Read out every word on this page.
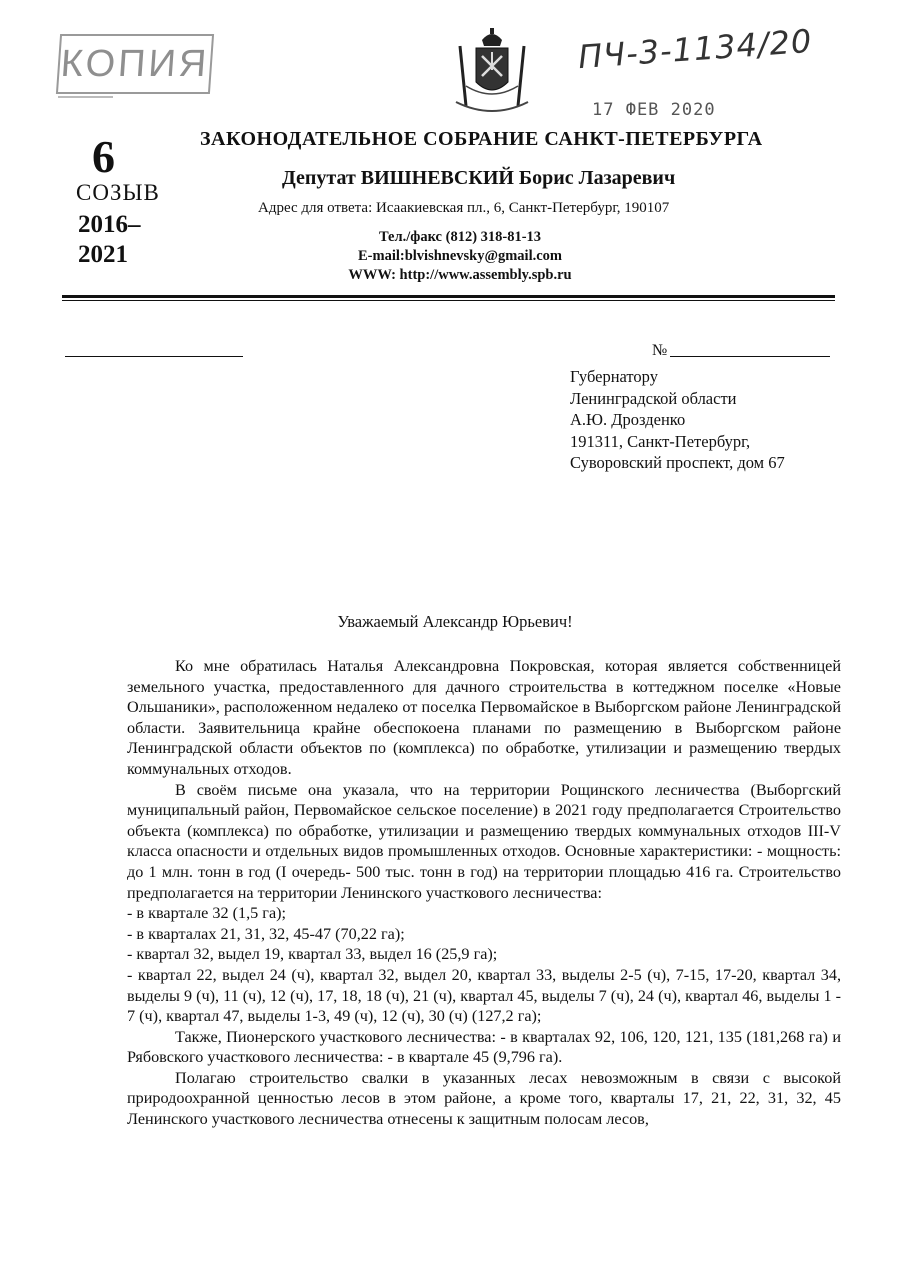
КОПИЯ	ПЧ-3-1134/20
17 ФЕВ 2020
6
СОЗЫВ
2016–
2021
ЗАКОНОДАТЕЛЬНОЕ СОБРАНИЕ САНКТ-ПЕТЕРБУРГА
Депутат ВИШНЕВСКИЙ Борис Лазаревич
Адрес для ответа: Исаакиевская пл., 6, Санкт-Петербург, 190107
Тел./факс (812) 318-81-13
E-mail:blvishnevsky@gmail.com
WWW: http://www.assembly.spb.ru
№
Губернатору
Ленинградской области
А.Ю. Дрозденко
191311, Санкт-Петербург,
Суворовский проспект, дом 67
Уважаемый Александр Юрьевич!

Ко мне обратилась Наталья Александровна Покровская, которая является собственницей земельного участка, предоставленного для дачного строительства в коттеджном поселке «Новые Ольшаники», расположенном недалеко от поселка Первомайское в Выборгском районе Ленинградской области. Заявительница крайне обеспокоена планами по размещению в Выборгском районе Ленинградской области объектов по (комплекса) по обработке, утилизации и размещению твердых коммунальных отходов.

В своём письме она указала, что на территории Рощинского лесничества (Выборгский муниципальный район, Первомайское сельское поселение) в 2021 году предполагается Строительство объекта (комплекса) по обработке, утилизации и размещению твердых коммунальных отходов III-V класса опасности и отдельных видов промышленных отходов. Основные характеристики: - мощность: до 1 млн. тонн в год (I очередь- 500 тыс. тонн в год) на территории площадью 416 га. Строительство предполагается на территории Ленинского участкового лесничества:

- в квартале 32 (1,5 га);

- в кварталах 21, 31, 32, 45-47 (70,22 га);

- квартал 32, выдел 19, квартал 33, выдел 16 (25,9 га);

- квартал 22, выдел 24 (ч), квартал 32, выдел 20, квартал 33, выделы 2-5 (ч), 7-15, 17-20, квартал 34, выделы 9 (ч), 11 (ч), 12 (ч), 17, 18, 18 (ч), 21 (ч), квартал 45, выделы 7 (ч), 24 (ч), квартал 46, выделы 1 - 7 (ч), квартал 47, выделы 1-3, 49 (ч), 12 (ч), 30 (ч) (127,2 га);

Также, Пионерского участкового лесничества: - в кварталах 92, 106, 120, 121, 135 (181,268 га) и Рябовского участкового лесничества: - в квартале 45 (9,796 га).

Полагаю строительство свалки в указанных лесах невозможным в связи с высокой природоохранной ценностью лесов в этом районе, а кроме того, кварталы 17, 21, 22, 31, 32, 45 Ленинского участкового лесничества отнесены к защитным полосам лесов,
